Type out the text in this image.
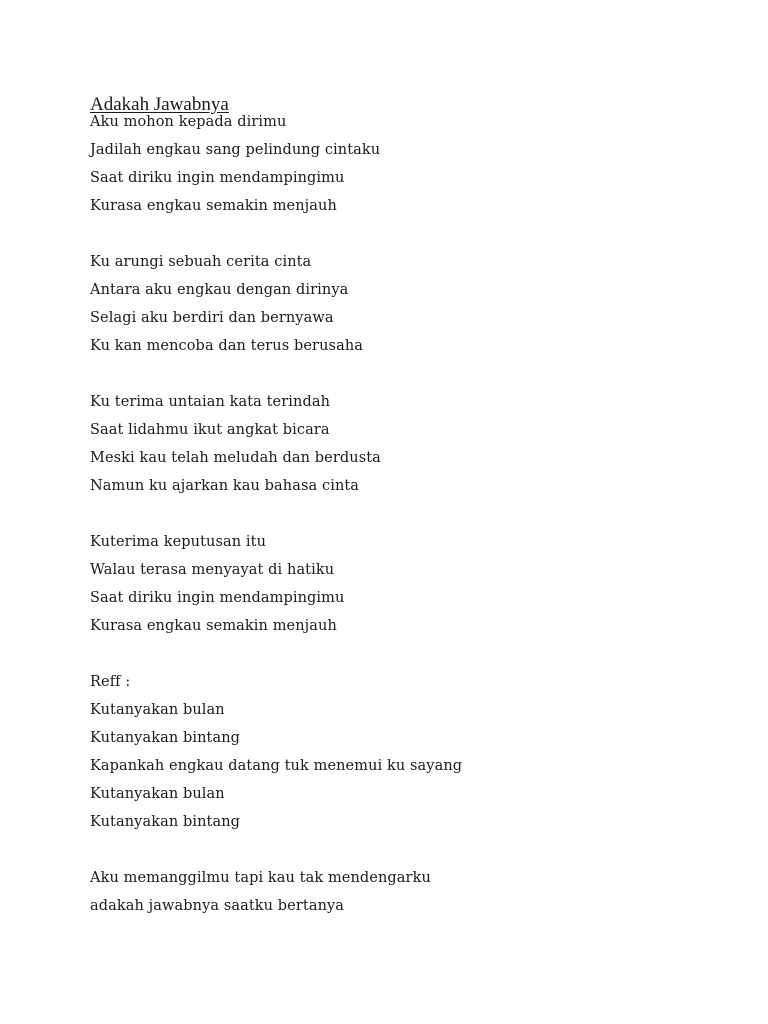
Adakah Jawabnya
Aku mohon kepada dirimu
Jadilah engkau sang pelindung cintaku
Saat diriku ingin mendampingimu
Kurasa engkau semakin menjauh
Ku arungi sebuah cerita cinta
Antara aku engkau dengan dirinya
Selagi aku berdiri dan bernyawa
Ku kan mencoba dan terus berusaha
Ku terima untaian kata terindah
Saat lidahmu ikut angkat bicara
Meski kau telah meludah dan berdusta
Namun ku ajarkan kau bahasa cinta
Kuterima keputusan itu
Walau terasa menyayat di hatiku
Saat diriku ingin mendampingimu
Kurasa engkau semakin menjauh
Reff :
Kutanyakan bulan
Kutanyakan bintang
Kapankah engkau datang tuk menemui ku sayang
Kutanyakan bulan
Kutanyakan bintang
Aku memanggilmu tapi kau tak mendengarku
adakah jawabnya saatku bertanya
